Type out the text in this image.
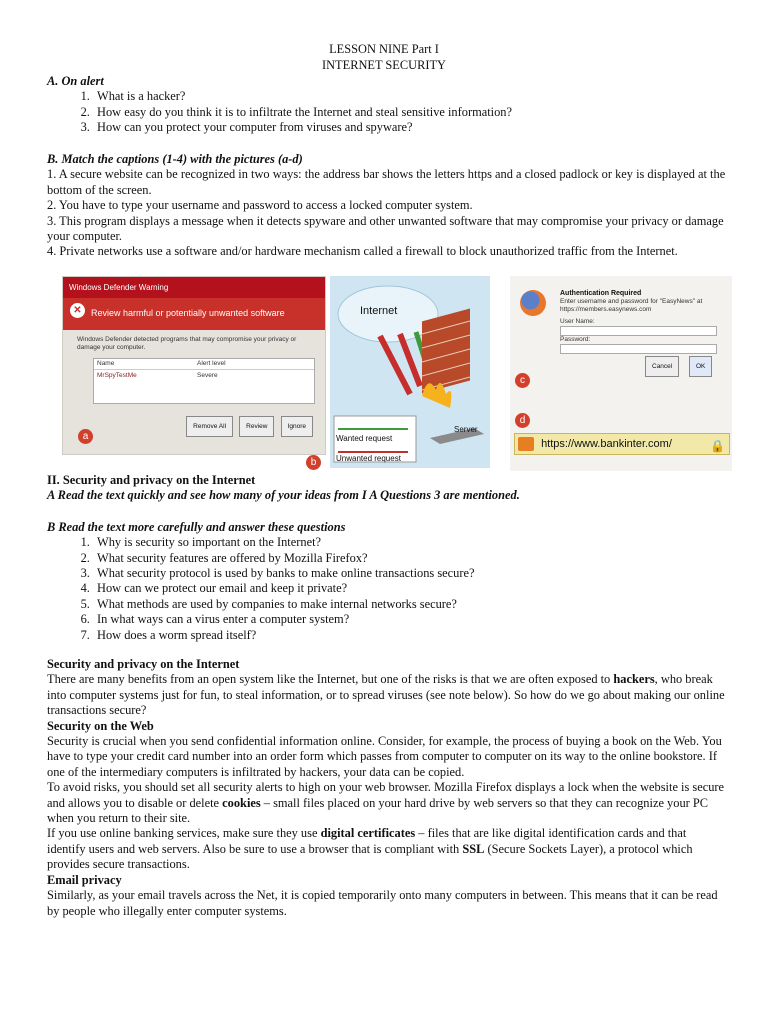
LESSON NINE Part I
INTERNET SECURITY
A. On alert
1. What is a hacker?
2. How easy do you think it is to infiltrate the Internet and steal sensitive information?
3. How can you protect your computer from viruses and spyware?
B. Match the captions (1-4) with the pictures (a-d)

1. A secure website can be recognized in two ways: the address bar shows the letters https and a closed padlock or key is displayed at the bottom of the screen.

2. You have to type your username and password to access a locked computer system.

3. This program displays a message when it detects spyware and other unwanted software that may compromise your privacy or damage your computer.

4. Private networks use a software and/or hardware mechanism called a firewall to block unauthorized traffic from the Internet.

Windows Defender Warning
✕	Review harmful or potentially unwanted software
Windows Defender detected programs that may compromise your privacy or damage your computer.
Name	Alert level
MrSpyTestMe	Severe
Remove All	Review	Ignore
a
Internet
Server
Wanted request
Unwanted request
b
Authentication Required
Enter username and password for "EasyNews" at https://members.easynews.com
User Name:
Password:
Cancel	OK
c
d
https://www.bankinter.com/	🔒
II. Security and privacy on the Internet
A Read the text quickly and see how many of your ideas from I A Questions 3 are mentioned.
B Read the text more carefully and answer these questions
1. Why is security so important on the Internet?
2. What security features are offered by Mozilla Firefox?
3. What security protocol is used by banks to make online transactions secure?
4. How can we protect our email and keep it private?
5. What methods are used by companies to make internal networks secure?
6. In what ways can a virus enter a computer system?
7. How does a worm spread itself?
Security and privacy on the Internet

There are many benefits from an open system like the Internet, but one of the risks is that we are often exposed to hackers, who break into computer systems just for fun, to steal information, or to spread viruses (see note below). So how do we go about making our online transactions secure?

Security on the Web

Security is crucial when you send confidential information online. Consider, for example, the process of buying a book on the Web. You have to type your credit card number into an order form which passes from computer to computer on its way to the online bookstore. If one of the intermediary computers is infiltrated by hackers, your data can be copied.

To avoid risks, you should set all security alerts to high on your web browser. Mozilla Firefox displays a lock when the website is secure and allows you to disable or delete cookies – small files placed on your hard drive by web servers so that they can recognize your PC when you return to their site.

If you use online banking services, make sure they use digital certificates – files that are like digital identification cards and that identify users and web servers. Also be sure to use a browser that is compliant with SSL (Secure Sockets Layer), a protocol which provides secure transactions.

Email privacy

Similarly, as your email travels across the Net, it is copied temporarily onto many computers in between. This means that it can be read by people who illegally enter computer systems.
